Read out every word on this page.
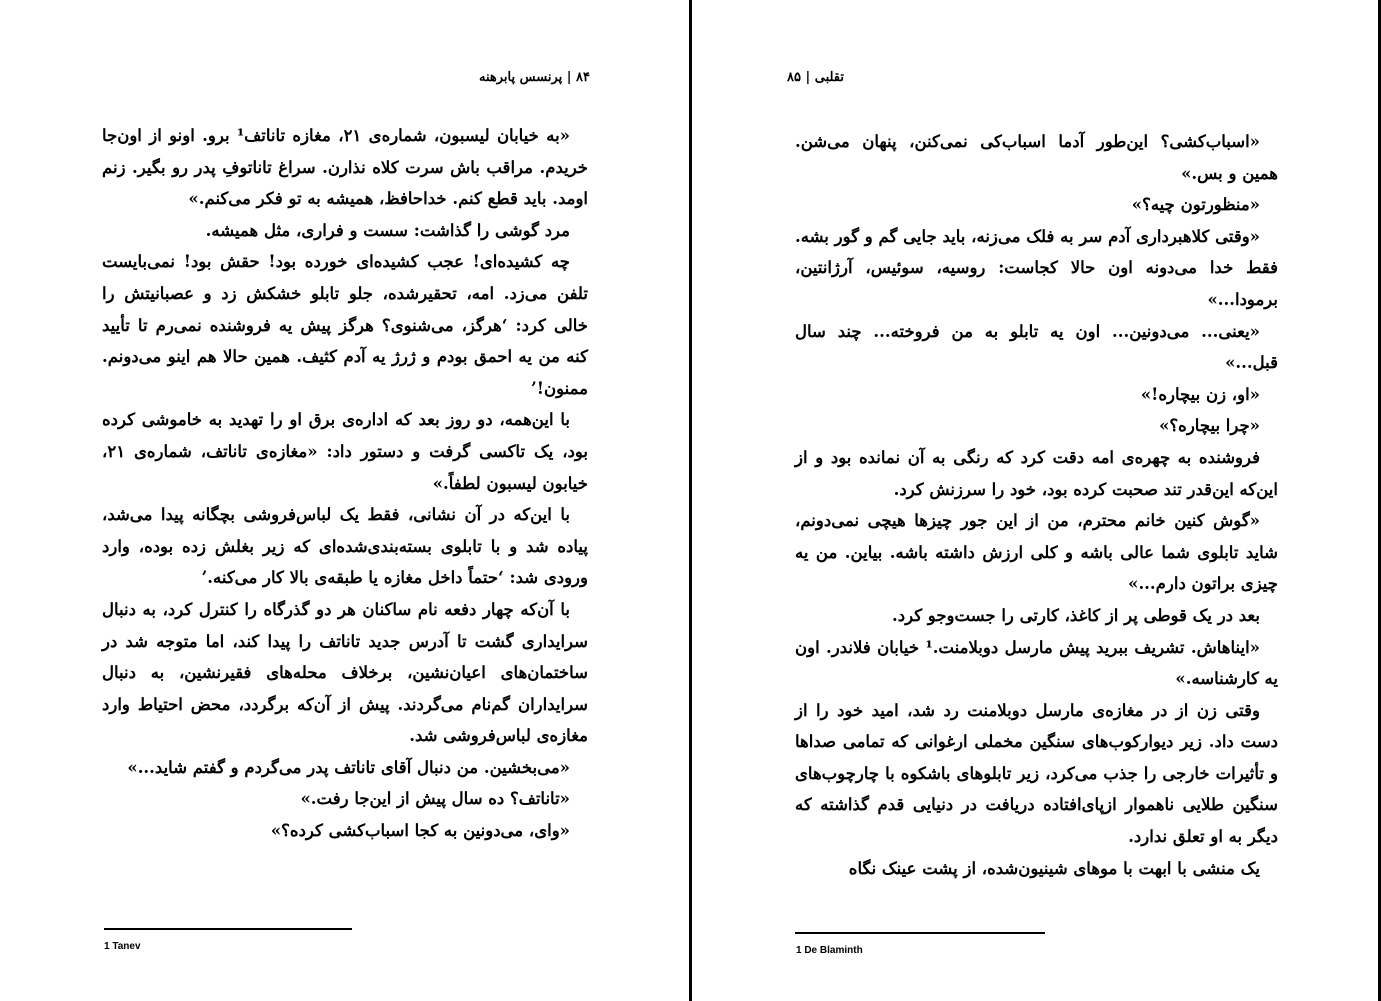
۸۴ | پرنسس پابرهنه

«به خیابان لیسبون، شماره‌ی ۲۱، مغازه تاناتف¹ برو. اونو از اون‌جا خریدم. مراقب باش سرت کلاه نذارن. سراغ تاناتوفِ پدر رو بگیر. زنم اومد. باید قطع کنم. خداحافظ، همیشه به تو فکر می‌کنم.»

مرد گوشی را گذاشت: سست و فراری، مثل همیشه.

چه کشیده‌ای! عجب کشیده‌ای خورده بود! حقش بود! نمی‌بایست تلفن می‌زد. امه، تحقیرشده، جلو تابلو خشکش زد و عصبانیتش را خالی کرد: ‘هرگز، می‌شنوی؟ هرگز پیش یه فروشنده نمی‌رم تا تأیید کنه من یه احمق بودم و ژرژ یه آدم کثیف. همین حالا هم اینو می‌دونم. ممنون!’

با این‌همه، دو روز بعد که اداره‌ی برق او را تهدید به خاموشی کرده بود، یک تاکسی گرفت و دستور داد: «مغازه‌ی تاناتف، شماره‌ی ۲۱، خیابون لیسبون لطفاً.»

با این‌که در آن نشانی، فقط یک لباس‌فروشی بچگانه پیدا می‌شد، پیاده شد و با تابلوی بسته‌بندی‌شده‌ای که زیر بغلش زده بوده، وارد ورودی شد: ‘حتماً داخل مغازه یا طبقه‌ی بالا کار می‌کنه.’

با آن‌که چهار دفعه نام ساکنان هر دو گذرگاه را کنترل کرد، به دنبال سرایداری گشت تا آدرس جدید تاناتف را پیدا کند، اما متوجه شد در ساختمان‌های اعیان‌نشین، برخلاف محله‌های فقیرنشین، به دنبال سرایداران گم‌نام می‌گردند. پیش از آن‌که برگردد، محض احتیاط وارد مغازه‌ی لباس‌فروشی شد.

«می‌بخشین. من دنبال آقای تاناتف پدر می‌گردم و گفتم شاید...»

«تاناتف؟ ده سال پیش از این‌جا رفت.»

«وای، می‌دونین به کجا اسباب‌کشی کرده؟»

1 Tanev
تقلبی | ۸۵

«اسباب‌کشی؟ این‌طور آدما اسباب‌کی نمی‌کنن، پنهان می‌شن. همین و بس.»

«منظورتون چیه؟»

«وقتی کلاهبرداری آدم سر به فلک می‌زنه، باید جایی گم و گور بشه. فقط خدا می‌دونه اون حالا کجاست: روسیه، سوئیس، آرژانتین، برمودا...»

«یعنی... می‌دونین... اون یه تابلو به من فروخته... چند سال قبل...»

«او، زن بیچاره!»

«چرا بیچاره؟»

فروشنده به چهره‌ی امه دقت کرد که رنگی به آن نمانده بود و از این‌که این‌قدر تند صحبت کرده بود، خود را سرزنش کرد.

«گوش کنین خانم محترم، من از این جور چیزها هیچی نمی‌دونم، شاید تابلوی شما عالی باشه و کلی ارزش داشته باشه. بیاین. من یه چیزی براتون دارم...»

بعد در یک قوطی پر از کاغذ، کارتی را جست‌وجو کرد.

«ایناهاش. تشریف ببرید پیش مارسل دوبلامنت.¹ خیابان فلاندر. اون یه کارشناسه.»

وقتی زن از در مغازه‌ی مارسل دوبلامنت رد شد، امید خود را از دست داد. زیر دیوارکوب‌های سنگین مخملی ارغوانی که تمامی صداها و تأثیرات خارجی را جذب می‌کرد، زیر تابلوهای باشکوه با چارچوب‌های سنگین طلایی ناهموار ازپای‌افتاده دریافت در دنیایی قدم گذاشته که دیگر به او تعلق ندارد.

یک منشی با ابهت با موهای شینیون‌شده، از پشت عینک نگاه

1 De Blaminth
